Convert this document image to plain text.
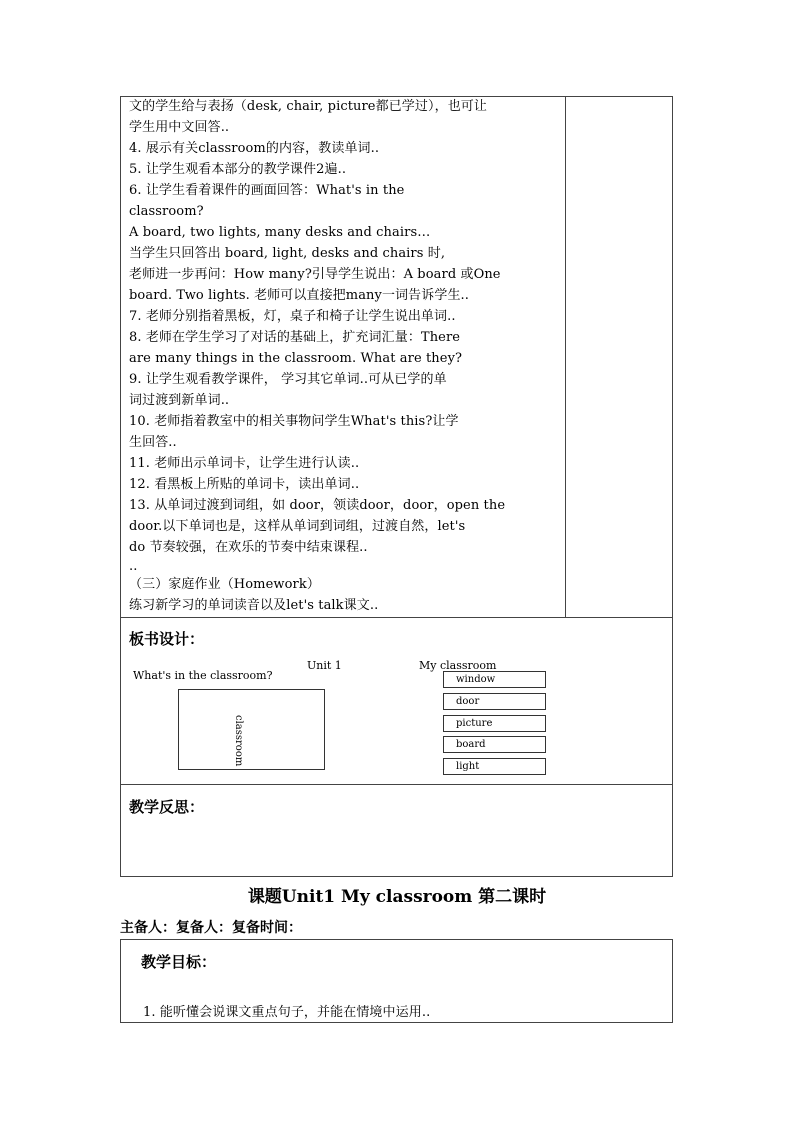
文的学生给与表扬（desk, chair, picture都已学过），也可让
学生用中文回答..
4. 展示有关classroom的内容，教读单词..
5. 让学生观看本部分的教学课件2遍..
6. 让学生看着课件的画面回答：What's in the
classroom?
A board, two lights, many desks and chairs…
当学生只回答出 board, light, desks and chairs 时,
老师进一步再问：How many?引导学生说出：A board 或One
board. Two lights. 老师可以直接把many一词告诉学生..
7. 老师分别指着黑板，灯，桌子和椅子让学生说出单词..
8. 老师在学生学习了对话的基础上，扩充词汇量：There
are many things in the classroom. What are they?
9. 让学生观看教学课件， 学习其它单词..可从已学的单
词过渡到新单词..
10. 老师指着教室中的相关事物问学生What's this?让学
生回答..
11. 老师出示单词卡，让学生进行认读..
12. 看黑板上所贴的单词卡，读出单词..
13. 从单词过渡到词组，如 door，领读door，door，open the
door.以下单词也是，这样从单词到词组，过渡自然，let's
do 节奏较强，在欢乐的节奏中结束课程..
..
（三）家庭作业（Homework）
练习新学习的单词读音以及let's talk课文..
板书设计：
Unit 1	My classroom
What's in the classroom?
classroom
window
door
picture
board
light
教学反思：
课题Unit1 My classroom 第二课时
主备人：复备人：复备时间：
教学目标：
1. 能听懂会说课文重点句子，并能在情境中运用..
